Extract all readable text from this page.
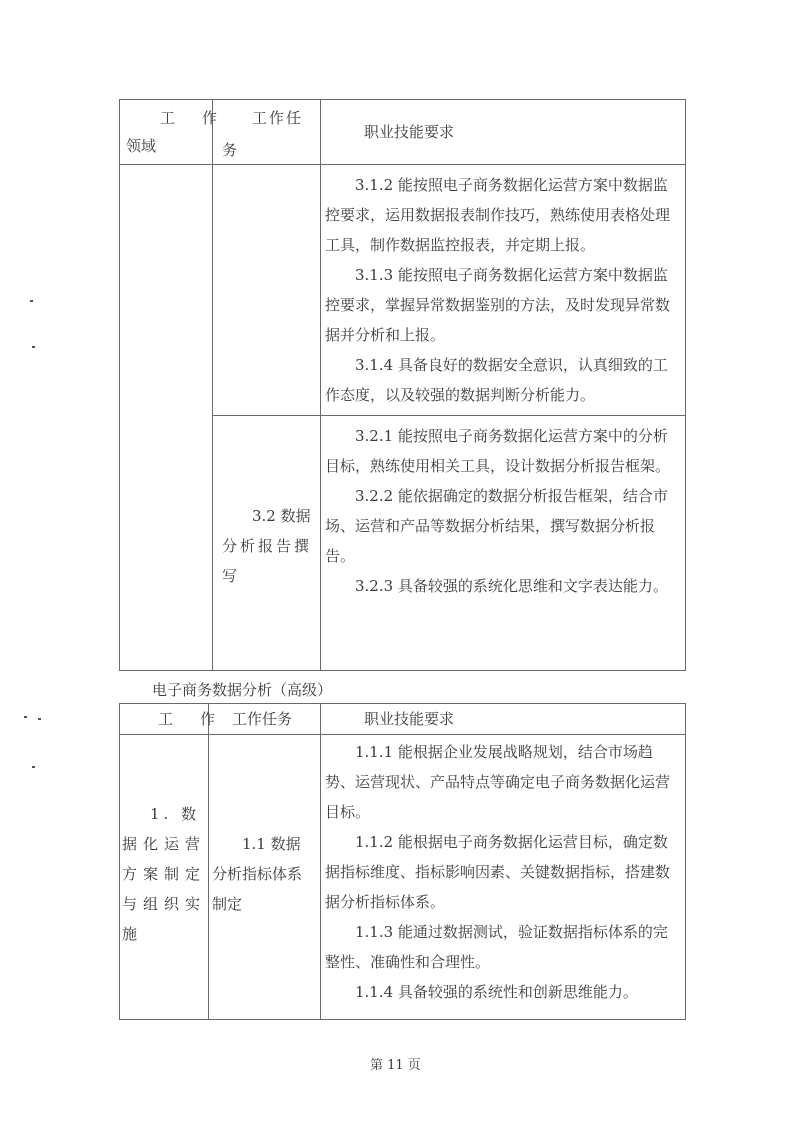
工　作
领域
工作任
务
职业技能要求

3.1.2 能按照电子商务数据化运营方案中数据监控要求，运用数据报表制作技巧，熟练使用表格处理工具，制作数据监控报表，并定期上报。

3.1.3 能按照电子商务数据化运营方案中数据监控要求，掌握异常数据鉴别的方法，及时发现异常数据并分析和上报。

3.1.4 具备良好的数据安全意识，认真细致的工作态度，以及较强的数据判断分析能力。

3.2 数据
分析报告撰
写

3.2.1 能按照电子商务数据化运营方案中的分析目标，熟练使用相关工具，设计数据分析报告框架。

3.2.2 能依据确定的数据分析报告框架，结合市场、运营和产品等数据分析结果，撰写数据分析报告。

3.2.3 具备较强的系统化思维和文字表达能力。

电子商务数据分析（高级）
工　作 工作任务	职业技能要求
1. 数
据化运营
方案制定
与组织实
施
1.1 数据
分析指标体系
制定

1.1.1 能根据企业发展战略规划，结合市场趋势、运营现状、产品特点等确定电子商务数据化运营目标。

1.1.2 能根据电子商务数据化运营目标，确定数据指标维度、指标影响因素、关键数据指标，搭建数据分析指标体系。

1.1.3 能通过数据测试，验证数据指标体系的完整性、准确性和合理性。

1.1.4 具备较强的系统性和创新思维能力。

第 11 页
